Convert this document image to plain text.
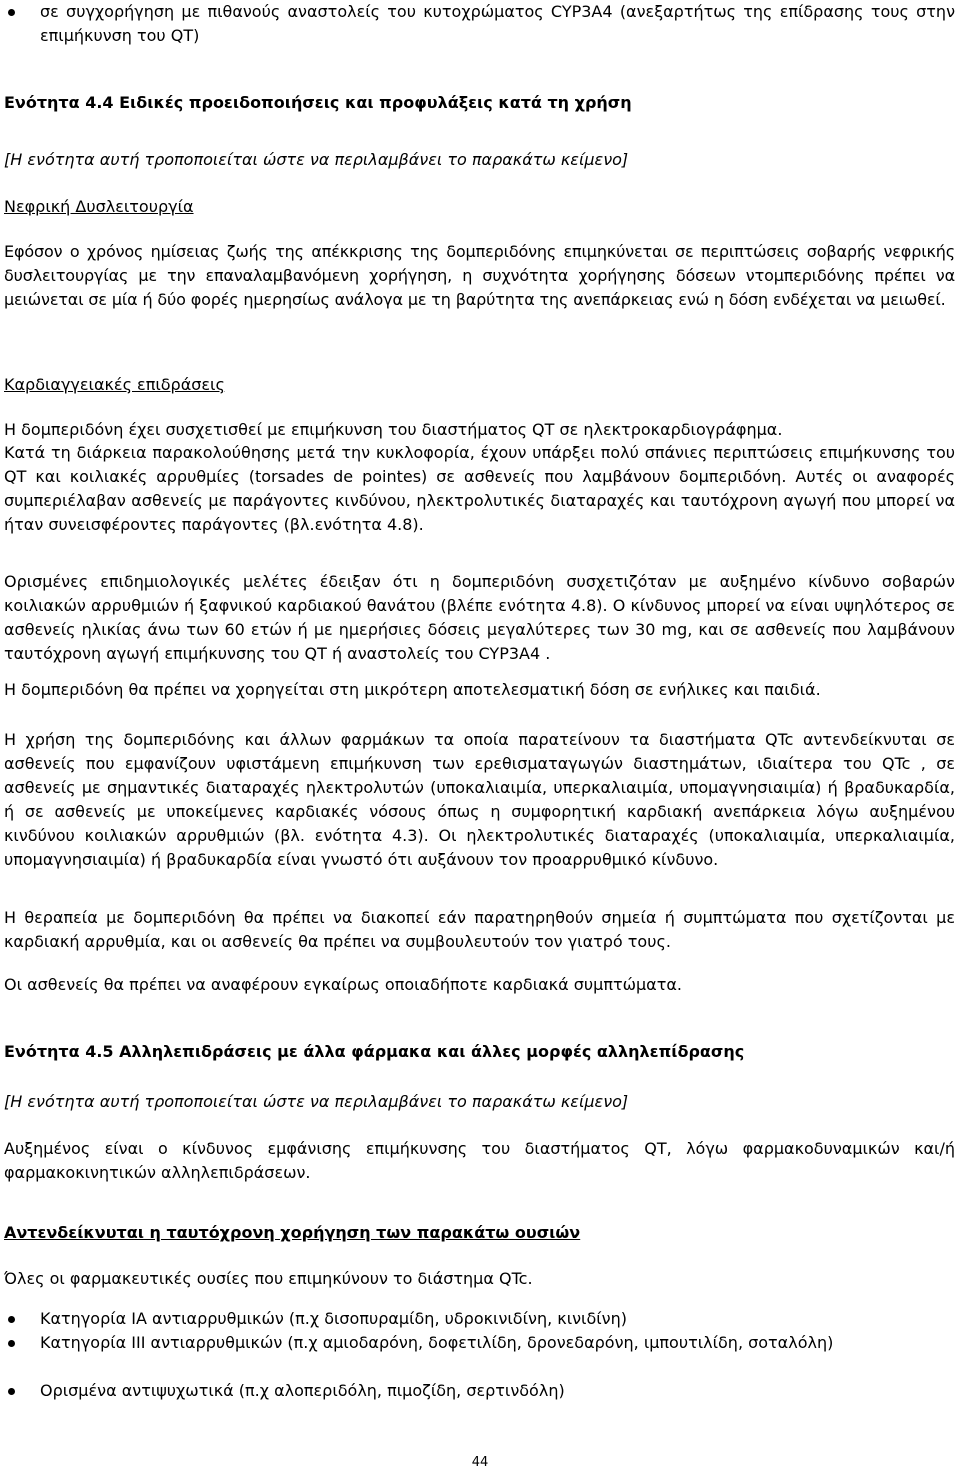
σε συγχορήγηση με πιθανούς αναστολείς του κυτοχρώματος CYP3A4 (ανεξαρτήτως της επίδρασης τους στην επιμήκυνση του QT)

Ενότητα 4.4 Ειδικές προειδοποιήσεις και προφυλάξεις κατά τη χρήση

[Η ενότητα αυτή τροποποιείται ώστε να περιλαμβάνει το παρακάτω κείμενο]

Νεφρική Δυσλειτουργία

Εφόσον ο χρόνος ημίσειας ζωής της απέκκρισης της δομπεριδόνης επιμηκύνεται σε περιπτώσεις σοβαρής νεφρικής δυσλειτουργίας με την επαναλαμβανόμενη χορήγηση, η συχνότητα χορήγησης δόσεων ντομπεριδόνης πρέπει να μειώνεται σε μία ή δύο φορές ημερησίως ανάλογα με τη βαρύτητα της ανεπάρκειας ενώ η δόση ενδέχεται να μειωθεί.

Καρδιαγγειακές επιδράσεις

Η δομπεριδόνη έχει συσχετισθεί με επιμήκυνση του διαστήματος QT σε ηλεκτροκαρδιογράφημα.

Κατά τη διάρκεια παρακολούθησης μετά την κυκλοφορία, έχουν υπάρξει πολύ σπάνιες περιπτώσεις επιμήκυνσης του QT και κοιλιακές αρρυθμίες (torsades de pointes) σε ασθενείς που λαμβάνουν δομπεριδόνη. Αυτές οι αναφορές συμπεριέλαβαν ασθενείς με παράγοντες κινδύνου, ηλεκτρολυτικές διαταραχές και ταυτόχρονη αγωγή που μπορεί να ήταν συνεισφέροντες παράγοντες (βλ.ενότητα 4.8).

Ορισμένες επιδημιολογικές μελέτες έδειξαν ότι η δομπεριδόνη συσχετιζόταν με αυξημένο κίνδυνο σοβαρών κοιλιακών αρρυθμιών ή ξαφνικού καρδιακού θανάτου (βλέπε ενότητα 4.8). Ο κίνδυνος μπορεί να είναι υψηλότερος σε ασθενείς ηλικίας άνω των 60 ετών ή με ημερήσιες δόσεις μεγαλύτερες των 30 mg, και σε ασθενείς που λαμβάνουν ταυτόχρονη αγωγή επιμήκυνσης του QT ή αναστολείς του CYP3A4 .

Η δομπεριδόνη θα πρέπει να χορηγείται στη μικρότερη αποτελεσματική δόση σε ενήλικες και παιδιά.

Η χρήση της δομπεριδόνης και άλλων φαρμάκων τα οποία παρατείνουν τα διαστήματα QTc αντενδείκνυται σε ασθενείς που εμφανίζουν υφιστάμενη επιμήκυνση των ερεθισματαγωγών διαστημάτων, ιδιαίτερα του QTc , σε ασθενείς με σημαντικές διαταραχές ηλεκτρολυτών (υποκαλιαιμία, υπερκαλιαιμία, υπομαγνησιαιμία) ή βραδυκαρδία, ή σε ασθενείς με υποκείμενες καρδιακές νόσους όπως η συμφορητική καρδιακή ανεπάρκεια λόγω αυξημένου κινδύνου κοιλιακών αρρυθμιών (βλ. ενότητα 4.3). Οι ηλεκτρολυτικές διαταραχές (υποκαλιαιμία, υπερκαλιαιμία, υπομαγνησιαιμία) ή βραδυκαρδία είναι γνωστό ότι αυξάνουν τον προαρρυθμικό κίνδυνο.

Η θεραπεία με δομπεριδόνη θα πρέπει να διακοπεί εάν παρατηρηθούν σημεία ή συμπτώματα που σχετίζονται με καρδιακή αρρυθμία, και οι ασθενείς θα πρέπει να συμβουλευτούν τον γιατρό τους.

Οι ασθενείς θα πρέπει να αναφέρουν εγκαίρως οποιαδήποτε καρδιακά συμπτώματα.

Ενότητα 4.5 Αλληλεπιδράσεις με άλλα φάρμακα και άλλες μορφές αλληλεπίδρασης

[Η ενότητα αυτή τροποποιείται ώστε να περιλαμβάνει το παρακάτω κείμενο]

Αυξημένος είναι ο κίνδυνος εμφάνισης επιμήκυνσης του διαστήματος QT, λόγω φαρμακοδυναμικών και/ή φαρμακοκινητικών αλληλεπιδράσεων.

Αντενδείκνυται η ταυτόχρονη χορήγηση των παρακάτω ουσιών

Όλες οι φαρμακευτικές ουσίες που επιμηκύνουν το διάστημα QTc.

Κατηγορία IA αντιαρρυθμικών (π.χ δισοπυραμίδη, υδροκινιδίνη, κινιδίνη)
Κατηγορία III αντιαρρυθμικών (π.χ αμιοδαρόνη, δοφετιλίδη, δρονεδαρόνη, ιμπουτιλίδη, σοταλόλη)
Ορισμένα αντιψυχωτικά (π.χ αλοπεριδόλη, πιμοζίδη, σερτινδόλη)
44
